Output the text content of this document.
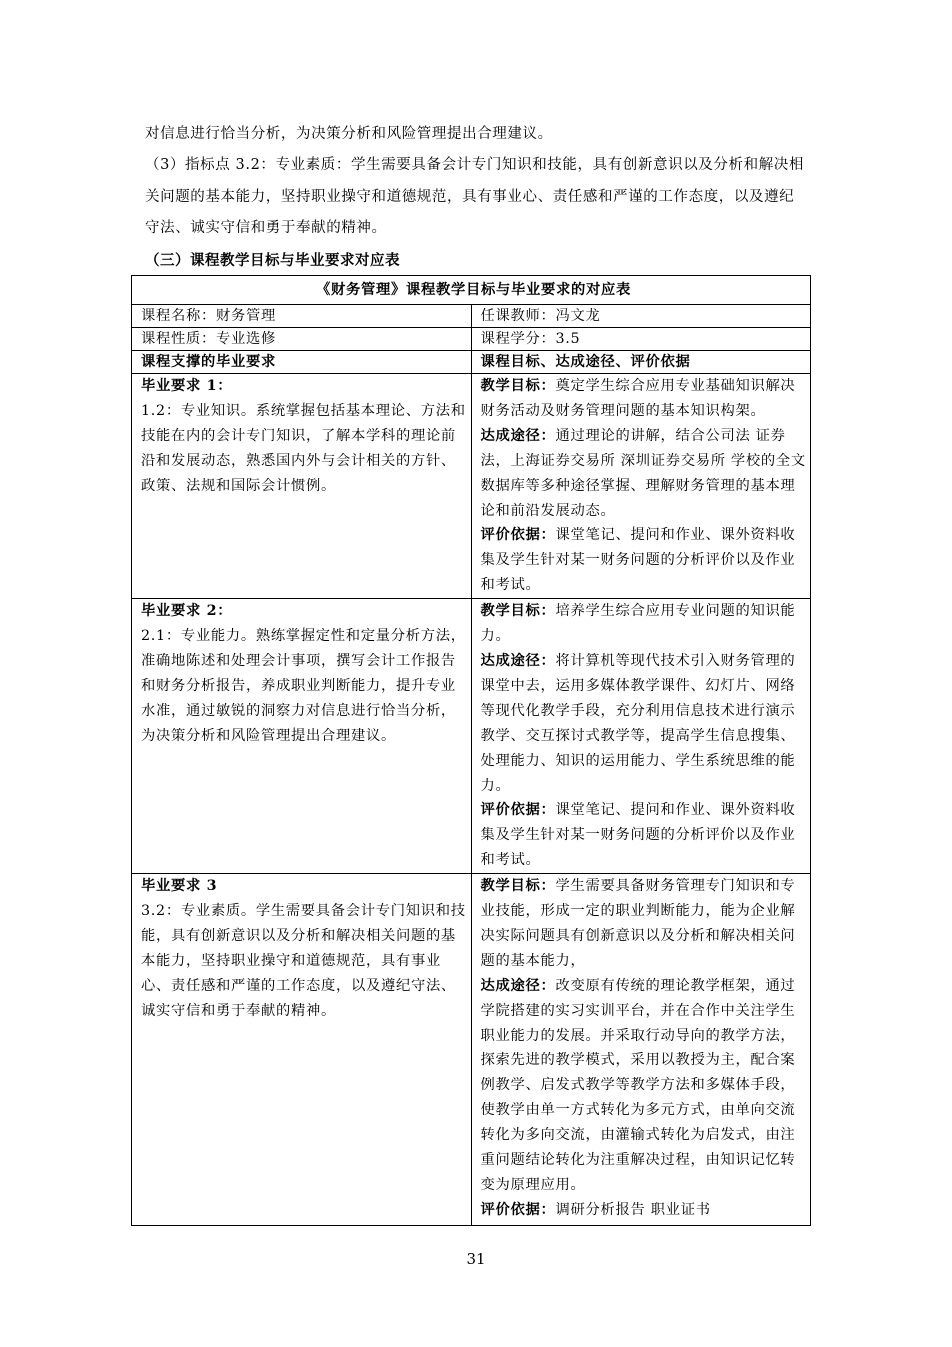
对信息进行恰当分析，为决策分析和风险管理提出合理建议。
（3）指标点 3.2：专业素质：学生需要具备会计专门知识和技能，具有创新意识以及分析和解决相关问题的基本能力，坚持职业操守和道德规范，具有事业心、责任感和严谨的工作态度，以及遵纪守法、诚实守信和勇于奉献的精神。
（三）课程教学目标与毕业要求对应表
《财务管理》课程教学目标与毕业要求的对应表	
课程名称：财务管理	任课教师：冯文龙
课程性质：专业选修	课程学分：3.5
课程支撑的毕业要求	课程目标、达成途径、评价依据

毕业要求 1：
1.2：专业知识。系统掌握包括基本理论、方法和技能在内的会计专门知识，了解本学科的理论前沿和发展动态，熟悉国内外与会计相关的方针、政策、法规和国际会计惯例。	教学目标：奠定学生综合应用专业基础知识解决财务活动及财务管理问题的基本知识构架。
达成途径：通过理论的讲解，结合公司法 证券法，上海证券交易所 深圳证券交易所 学校的全文数据库等多种途径掌握、理解财务管理的基本理论和前沿发展动态。
评价依据：课堂笔记、提问和作业、课外资料收集及学生针对某一财务问题的分析评价以及作业和考试。

毕业要求 2：
2.1：专业能力。熟练掌握定性和定量分析方法，准确地陈述和处理会计事项，撰写会计工作报告和财务分析报告，养成职业判断能力，提升专业水准，通过敏锐的洞察力对信息进行恰当分析，为决策分析和风险管理提出合理建议。	教学目标：培养学生综合应用专业问题的知识能力。
达成途径：将计算机等现代技术引入财务管理的课堂中去，运用多媒体教学课件、幻灯片、网络等现代化教学手段，充分利用信息技术进行演示教学、交互探讨式教学等，提高学生信息搜集、处理能力、知识的运用能力、学生系统思维的能力。
评价依据：课堂笔记、提问和作业、课外资料收集及学生针对某一财务问题的分析评价以及作业和考试。

毕业要求 3
3.2：专业素质。学生需要具备会计专门知识和技能，具有创新意识以及分析和解决相关问题的基本能力，坚持职业操守和道德规范，具有事业心、责任感和严谨的工作态度，以及遵纪守法、诚实守信和勇于奉献的精神。	教学目标：学生需要具备财务管理专门知识和专业技能，形成一定的职业判断能力，能为企业解决实际问题具有创新意识以及分析和解决相关问题的基本能力，
达成途径：改变原有传统的理论教学框架，通过学院搭建的实习实训平台，并在合作中关注学生职业能力的发展。并采取行动导向的教学方法，探索先进的教学模式，采用以教授为主，配合案例教学、启发式教学等教学方法和多媒体手段，使教学由单一方式转化为多元方式，由单向交流转化为多向交流，由灌输式转化为启发式，由注重问题结论转化为注重解决过程，由知识记忆转变为原理应用。
评价依据：调研分析报告 职业证书
31
